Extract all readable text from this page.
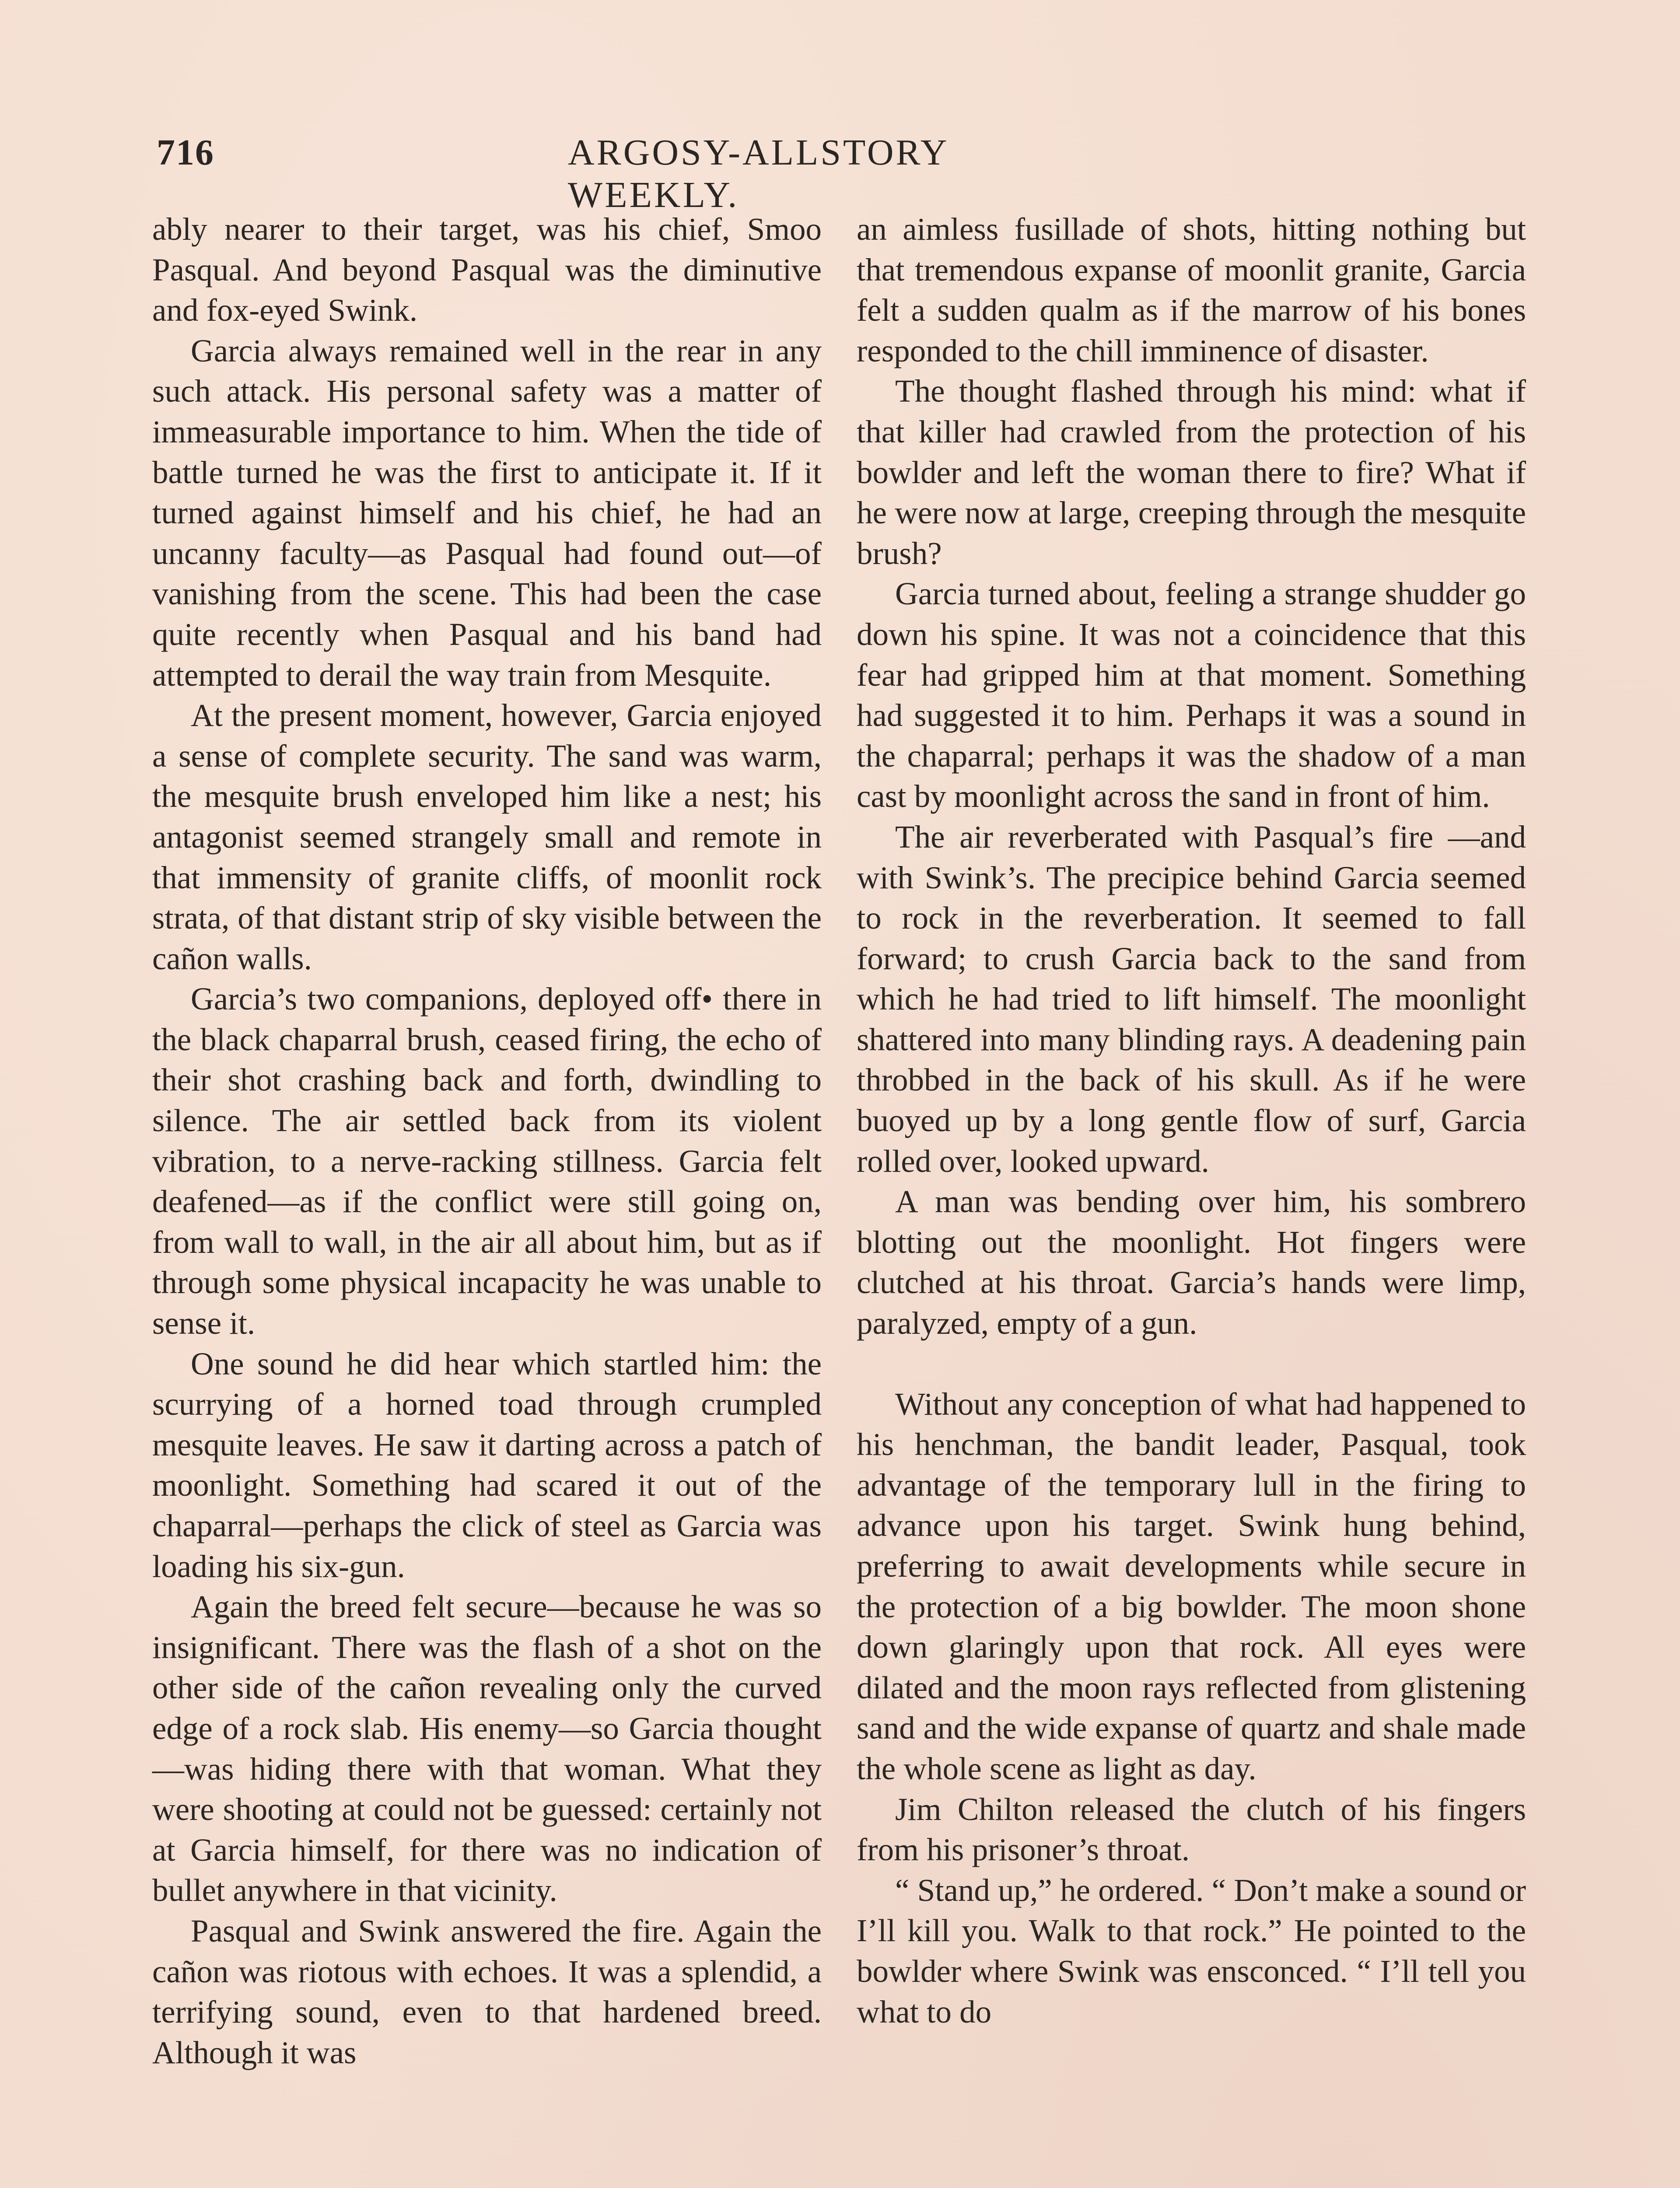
716	ARGOSY-ALLSTORY WEEKLY.

ably nearer to their target, was his chief, Smoo Pasqual. And beyond Pasqual was the diminutive and fox-eyed Swink.

Garcia always remained well in the rear in any such attack. His personal safety was a matter of immeasurable importance to him. When the tide of battle turned he was the first to anticipate it. If it turned against himself and his chief, he had an uncanny faculty—as Pasqual had found out—of vanishing from the scene. This had been the case quite recently when Pasqual and his band had attempted to derail the way train from Mesquite.

At the present moment, however, Garcia enjoyed a sense of complete security. The sand was warm, the mesquite brush enveloped him like a nest; his antagonist seemed strangely small and remote in that immensity of granite cliffs, of moonlit rock strata, of that distant strip of sky visible between the cañon walls.

Garcia’s two companions, deployed off• there in the black chaparral brush, ceased firing, the echo of their shot crashing back and forth, dwindling to silence. The air settled back from its violent vibration, to a nerve-racking stillness. Garcia felt deafened—as if the conflict were still going on, from wall to wall, in the air all about him, but as if through some physical incapacity he was unable to sense it.

One sound he did hear which startled him: the scurrying of a horned toad through crumpled mesquite leaves. He saw it darting across a patch of moonlight. Something had scared it out of the chaparral—perhaps the click of steel as Garcia was loading his six-gun.

Again the breed felt secure—because he was so insignificant. There was the flash of a shot on the other side of the cañon revealing only the curved edge of a rock slab. His enemy—so Garcia thought—was hiding there with that woman. What they were shooting at could not be guessed: certainly not at Garcia himself, for there was no indication of bullet anywhere in that vicinity.

Pasqual and Swink answered the fire. Again the cañon was riotous with echoes. It was a splendid, a terrifying sound, even to that hardened breed. Although it was

an aimless fusillade of shots, hitting nothing but that tremendous expanse of moonlit granite, Garcia felt a sudden qualm as if the marrow of his bones responded to the chill imminence of disaster.

The thought flashed through his mind: what if that killer had crawled from the protection of his bowlder and left the woman there to fire? What if he were now at large, creeping through the mesquite brush?

Garcia turned about, feeling a strange shudder go down his spine. It was not a coincidence that this fear had gripped him at that moment. Something had suggested it to him. Perhaps it was a sound in the chaparral; perhaps it was the shadow of a man cast by moonlight across the sand in front of him.

The air reverberated with Pasqual’s fire —and with Swink’s. The precipice behind Garcia seemed to rock in the reverberation. It seemed to fall forward; to crush Garcia back to the sand from which he had tried to lift himself. The moonlight shattered into many blinding rays. A deadening pain throbbed in the back of his skull. As if he were buoyed up by a long gentle flow of surf, Garcia rolled over, looked upward.

A man was bending over him, his sombrero blotting out the moonlight. Hot fingers were clutched at his throat. Garcia’s hands were limp, paralyzed, empty of a gun.

Without any conception of what had happened to his henchman, the bandit leader, Pasqual, took advantage of the temporary lull in the firing to advance upon his target. Swink hung behind, preferring to await developments while secure in the protection of a big bowlder. The moon shone down glaringly upon that rock. All eyes were dilated and the moon rays reflected from glistening sand and the wide expanse of quartz and shale made the whole scene as light as day.

Jim Chilton released the clutch of his fingers from his prisoner’s throat.

“ Stand up,” he ordered. “ Don’t make a sound or I’ll kill you. Walk to that rock.” He pointed to the bowlder where Swink was ensconced. “ I’ll tell you what to do
